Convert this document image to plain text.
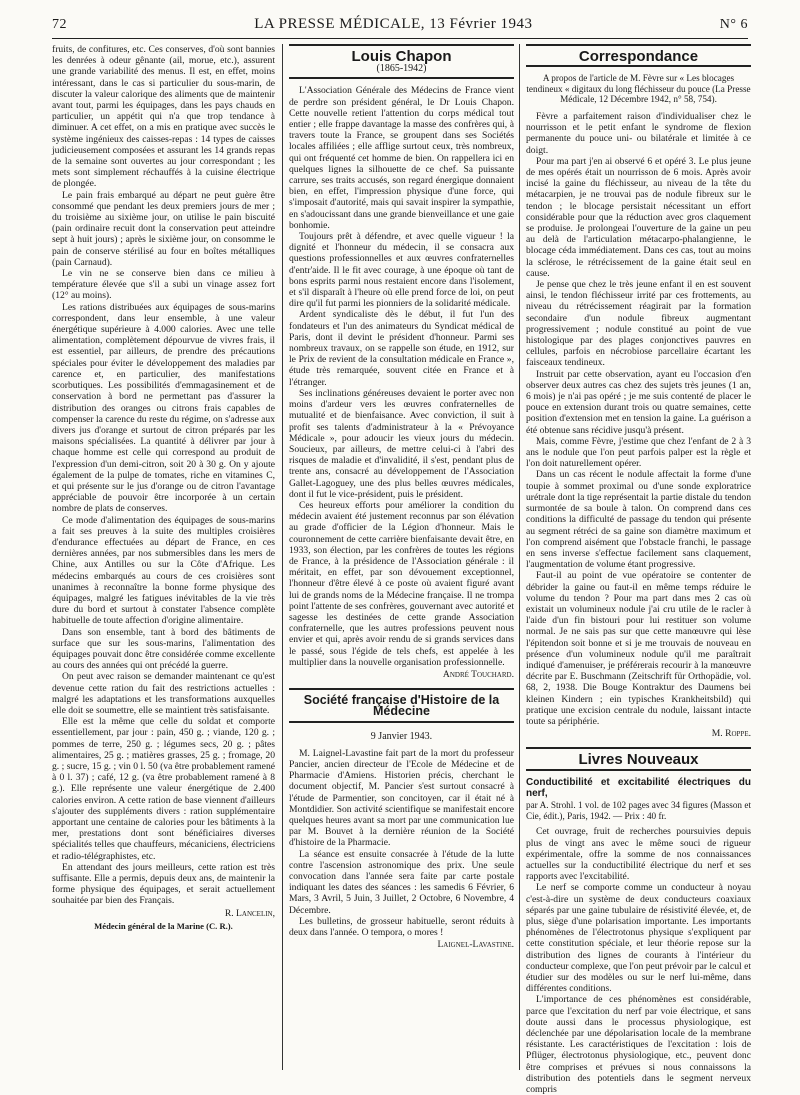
72	LA PRESSE MÉDICALE, 13 Février 1943	N° 6

fruits, de confitures, etc. Ces conserves, d'où sont bannies les denrées à odeur gênante (ail, morue, etc.), assurent une grande variabilité des menus. Il est, en effet, moins intéressant, dans le cas si particulier du sous-marin, de discuter la valeur calorique des aliments que de maintenir avant tout, parmi les équipages, dans les pays chauds en particulier, un appétit qui n'a que trop tendance à diminuer. A cet effet, on a mis en pratique avec succès le système ingénieux des caisses-repas : 14 types de caisses judicieusement composées et assurant les 14 grands repas de la semaine sont ouvertes au jour correspondant ; les mets sont simplement réchauffés à la cuisine électrique de plongée.

Le pain frais embarqué au départ ne peut guère être consommé que pendant les deux premiers jours de mer ; du troisième au sixième jour, on utilise le pain biscuité (pain ordinaire recuit dont la conservation peut atteindre sept à huit jours) ; après le sixième jour, on consomme le pain de conserve stérilisé au four en boîtes métalliques (pain Carnaud).

Le vin ne se conserve bien dans ce milieu à température élevée que s'il a subi un vinage assez fort (12° au moins).

Les rations distribuées aux équipages de sous-marins correspondent, dans leur ensemble, à une valeur énergétique supérieure à 4.000 calories. Avec une telle alimentation, complètement dépourvue de vivres frais, il est essentiel, par ailleurs, de prendre des précautions spéciales pour éviter le développement des maladies par carence et, en particulier, des manifestations scorbutiques. Les possibilités d'emmagasinement et de conservation à bord ne permettant pas d'assurer la distribution des oranges ou citrons frais capables de compenser la carence du reste du régime, on s'adresse aux divers jus d'orange et surtout de citron préparés par les maisons spécialisées. La quantité à délivrer par jour à chaque homme est celle qui correspond au produit de l'expression d'un demi-citron, soit 20 à 30 g. On y ajoute également de la pulpe de tomates, riche en vitamines C, et qui présente sur le jus d'orange ou de citron l'avantage appréciable de pouvoir être incorporée à un certain nombre de plats de conserves.

Ce mode d'alimentation des équipages de sous-marins a fait ses preuves à la suite des multiples croisières d'endurance effectuées au départ de France, en ces dernières années, par nos submersibles dans les mers de Chine, aux Antilles ou sur la Côte d'Afrique. Les médecins embarqués au cours de ces croisières sont unanimes à reconnaître la bonne forme physique des équipages, malgré les fatigues inévitables de la vie très dure du bord et surtout à constater l'absence complète habituelle de toute affection d'origine alimentaire.

Dans son ensemble, tant à bord des bâtiments de surface que sur les sous-marins, l'alimentation des équipages pouvait donc être considérée comme excellente au cours des années qui ont précédé la guerre.

On peut avec raison se demander maintenant ce qu'est devenue cette ration du fait des restrictions actuelles : malgré les adaptations et les transformations auxquelles elle doit se soumettre, elle se maintient très satisfaisante.

Elle est la même que celle du soldat et comporte essentiellement, par jour : pain, 450 g. ; viande, 120 g. ; pommes de terre, 250 g. ; légumes secs, 20 g. ; pâtes alimentaires, 25 g. ; matières grasses, 25 g. ; fromage, 20 g. ; sucre, 15 g. ; vin 0 l. 50 (va être probablement ramené à 0 l. 37) ; café, 12 g. (va être probablement ramené à 8 g.). Elle représente une valeur énergétique de 2.400 calories environ. A cette ration de base viennent d'ailleurs s'ajouter des suppléments divers : ration supplémentaire apportant une centaine de calories pour les bâtiments à la mer, prestations dont sont bénéficiaires diverses spécialités telles que chauffeurs, mécaniciens, électriciens et radio-télégraphistes, etc.

En attendant des jours meilleurs, cette ration est très suffisante. Elle a permis, depuis deux ans, de maintenir la forme physique des équipages, et serait actuellement souhaitée par bien des Français.

R. Lancelin,
Médecin général de la Marine (C. R.).
Louis Chapon
(1865-1942)

L'Association Générale des Médecins de France vient de perdre son président général, le Dr Louis Chapon. Cette nouvelle retient l'attention du corps médical tout entier ; elle frappe davantage la masse des confrères qui, à travers toute la France, se groupent dans ses Sociétés locales affiliées ; elle afflige surtout ceux, très nombreux, qui ont fréquenté cet homme de bien. On rappellera ici en quelques lignes la silhouette de ce chef. Sa puissante carrure, ses traits accusés, son regard énergique donnaient bien, en effet, l'impression physique d'une force, qui s'imposait d'autorité, mais qui savait inspirer la sympathie, en s'adoucissant dans une grande bienveillance et une gaie bonhomie.

Toujours prêt à défendre, et avec quelle vigueur ! la dignité et l'honneur du médecin, il se consacra aux questions professionnelles et aux œuvres confraternelles d'entr'aide. Il le fit avec courage, à une époque où tant de bons esprits parmi nous restaient encore dans l'isolement, et s'il disparaît à l'heure où elle prend force de loi, on peut dire qu'il fut parmi les pionniers de la solidarité médicale.

Ardent syndicaliste dès le début, il fut l'un des fondateurs et l'un des animateurs du Syndicat médical de Paris, dont il devint le président d'honneur. Parmi ses nombreux travaux, on se rappelle son étude, en 1912, sur le Prix de revient de la consultation médicale en France », étude très remarquée, souvent citée en France et à l'étranger.

Ses inclinations généreuses devaient le porter avec non moins d'ardeur vers les œuvres confraternelles de mutualité et de bienfaisance. Avec conviction, il suit à profit ses talents d'administrateur à la « Prévoyance Médicale », pour adoucir les vieux jours du médecin. Soucieux, par ailleurs, de mettre celui-ci à l'abri des risques de maladie et d'invalidité, il s'est, pendant plus de trente ans, consacré au développement de l'Association Gallet-Lagoguey, une des plus belles œuvres médicales, dont il fut le vice-président, puis le président.

Ces heureux efforts pour améliorer la condition du médecin avaient été justement reconnus par son élévation au grade d'officier de la Légion d'honneur. Mais le couronnement de cette carrière bienfaisante devait être, en 1933, son élection, par les confrères de toutes les régions de France, à la présidence de l'Association générale : il méritait, en effet, par son dévouement exceptionnel, l'honneur d'être élevé à ce poste où avaient figuré avant lui de grands noms de la Médecine française. Il ne trompa point l'attente de ses confrères, gouvernant avec autorité et sagesse les destinées de cette grande Association confraternelle, que les autres professions peuvent nous envier et qui, après avoir rendu de si grands services dans le passé, sous l'égide de tels chefs, est appelée à les multiplier dans la nouvelle organisation professionnelle.

André Touchard.
Société française d'Histoire de la Médecine
9 Janvier 1943.

M. Laignel-Lavastine fait part de la mort du professeur Pancier, ancien directeur de l'Ecole de Médecine et de Pharmacie d'Amiens. Historien précis, cherchant le document objectif, M. Pancier s'est surtout consacré à l'étude de Parmentier, son concitoyen, car il était né à Montdidier. Son activité scientifique se manifestait encore quelques heures avant sa mort par une communication lue par M. Bouvet à la dernière réunion de la Société d'histoire de la Pharmacie.

La séance est ensuite consacrée à l'étude de la lutte contre l'ascension astronomique des prix. Une seule convocation dans l'année sera faite par carte postale indiquant les dates des séances : les samedis 6 Février, 6 Mars, 3 Avril, 5 Juin, 3 Juillet, 2 Octobre, 6 Novembre, 4 Décembre.

Les bulletins, de grosseur habituelle, seront réduits à deux dans l'année. O tempora, o mores !

Laignel-Lavastine.
Correspondance
A propos de l'article de M. Fèvre sur « Les blocages tendineux « digitaux du long fléchisseur du pouce (La Presse Médicale, 12 Décembre 1942, n° 58, 754).

Fèvre a parfaitement raison d'individualiser chez le nourrisson et le petit enfant le syndrome de flexion permanente du pouce uni- ou bilatérale et limitée à ce doigt.

Pour ma part j'en ai observé 6 et opéré 3. Le plus jeune de mes opérés était un nourrisson de 6 mois. Après avoir incisé la gaine du fléchisseur, au niveau de la tête du métacarpien, je ne trouvai pas de nodule fibreux sur le tendon ; le blocage persistait nécessitant un effort considérable pour que la réduction avec gros claquement se produise. Je prolongeai l'ouverture de la gaine un peu au delà de l'articulation métacarpo-phalangienne, le blocage céda immédiatement. Dans ces cas, tout au moins la sclérose, le rétrécissement de la gaine était seul en cause.

Je pense que chez le très jeune enfant il en est souvent ainsi, le tendon fléchisseur irrité par ces frottements, au niveau du rétrécissement réagirait par la formation secondaire d'un nodule fibreux augmentant progressivement ; nodule constitué au point de vue histologique par des plages conjonctives pauvres en cellules, parfois en nécrobiose parcellaire écartant les faisceaux tendineux.

Instruit par cette observation, ayant eu l'occasion d'en observer deux autres cas chez des sujets très jeunes (1 an, 6 mois) je n'ai pas opéré ; je me suis contenté de placer le pouce en extension durant trois ou quatre semaines, cette position d'extension met en tension la gaine. La guérison a été obtenue sans récidive jusqu'à présent.

Mais, comme Fèvre, j'estime que chez l'enfant de 2 à 3 ans le nodule que l'on peut parfois palper est la règle et l'on doit naturellement opérer.

Dans un cas récent le nodule affectait la forme d'une toupie à sommet proximal ou d'une sonde exploratrice urétrale dont la tige représentait la partie distale du tendon surmontée de sa boule à talon. On comprend dans ces conditions la difficulté de passage du tendon qui présente au segment rétréci de sa gaine son diamètre maximum et l'on comprend aisément que l'obstacle franchi, le passage en sens inverse s'effectue facilement sans claquement, l'augmentation de volume étant progressive.

Faut-il au point de vue opératoire se contenter de débrider la gaine ou faut-il en même temps réduire le volume du tendon ? Pour ma part dans mes 2 cas où existait un volumineux nodule j'ai cru utile de le racler à l'aide d'un fin bistouri pour lui restituer son volume normal. Je ne sais pas sur que cette manœuvre qui lèse l'épitendon soit bonne et si je me trouvais de nouveau en présence d'un volumineux nodule qu'il me paraîtrait indiqué d'amenuiser, je préférerais recourir à la manœuvre décrite par E. Buschmann (Zeitschrift für Orthopädie, vol. 68, 2, 1938. Die Bouge Kontraktur des Daumens bei kleinen Kindern ; ein typisches Krankheitsbild) qui pratique une excision centrale du nodule, laissant intacte toute sa périphérie.

M. Roppe.
Livres Nouveaux

Conductibilité et excitabilité électriques du nerf,

par A. Strohl. 1 vol. de 102 pages avec 34 figures (Masson et Cie, édit.), Paris, 1942. — Prix : 40 fr.

Cet ouvrage, fruit de recherches poursuivies depuis plus de vingt ans avec le même souci de rigueur expérimentale, offre la somme de nos connaissances actuelles sur la conductibilité électrique du nerf et ses rapports avec l'excitabilité.

Le nerf se comporte comme un conducteur à noyau c'est-à-dire un système de deux conducteurs coaxiaux séparés par une gaine tubulaire de résistivité élevée, et, de plus, siège d'une polarisation importante. Les importants phénomènes de l'électrotonus physique s'expliquent par cette constitution spéciale, et leur théorie repose sur la distribution des lignes de courants à l'intérieur du conducteur complexe, que l'on peut prévoir par le calcul et étudier sur des modèles ou sur le nerf lui-même, dans différentes conditions.

L'importance de ces phénomènes est considérable, parce que l'excitation du nerf par voie électrique, et sans doute aussi dans le processus physiologique, est déclenchée par une dépolarisation locale de la membrane résistante. Les caractéristiques de l'excitation : lois de Pflüger, électrotonus physiologique, etc., peuvent donc être comprises et prévues si nous connaissons la distribution des potentiels dans le segment nerveux compris
